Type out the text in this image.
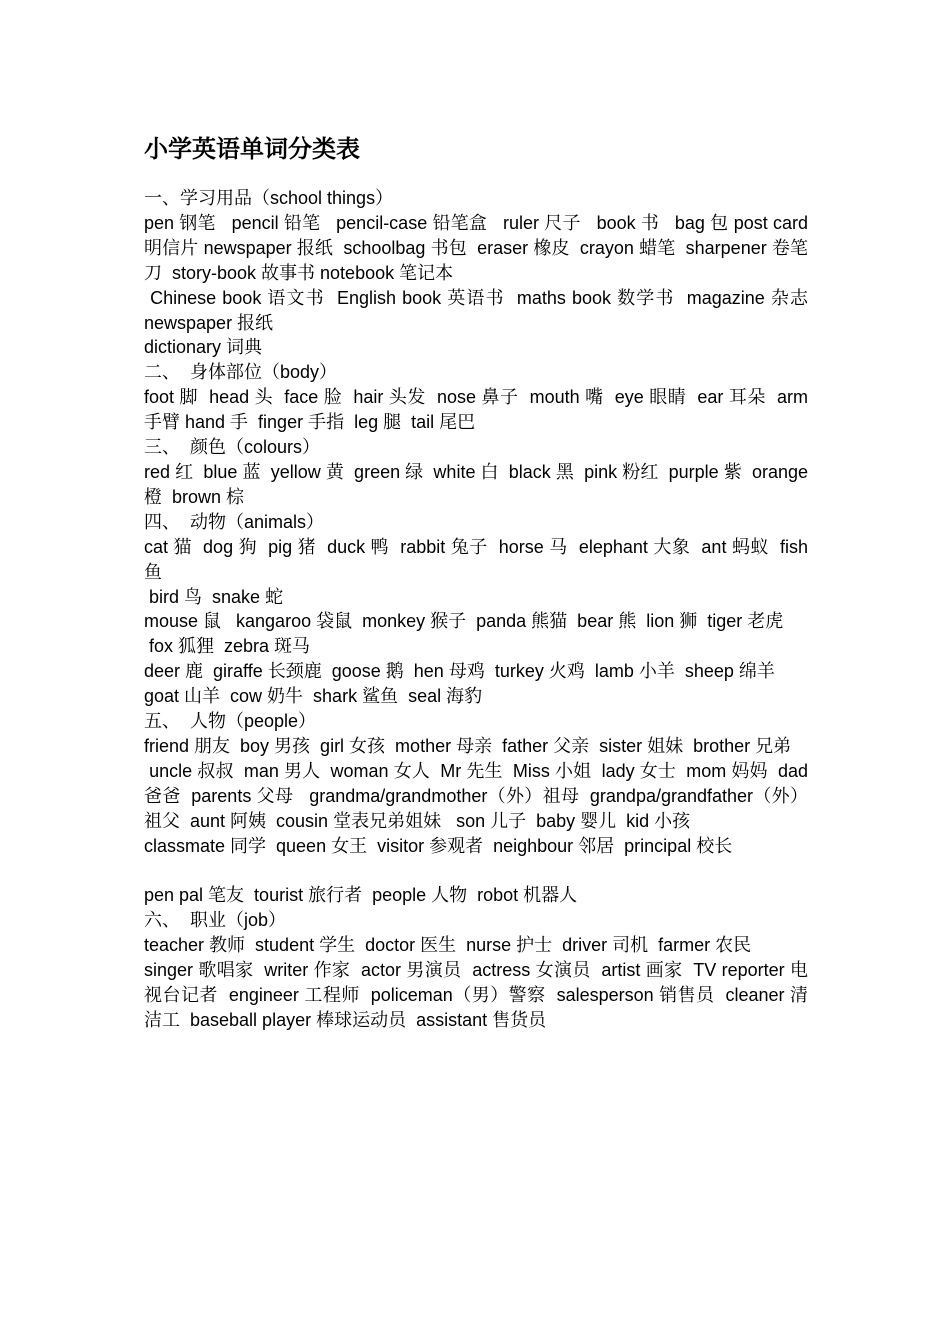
小学英语单词分类表
一、学习用品（school things）
pen 钢笔   pencil 铅笔   pencil-case 铅笔盒   ruler 尺子   book 书   bag 包 post card 明信片 newspaper 报纸  schoolbag 书包  eraser 橡皮  crayon 蜡笔  sharpener 卷笔刀  story-book 故事书 notebook 笔记本
Chinese book 语文书  English book 英语书  maths book 数学书  magazine 杂志  newspaper 报纸
dictionary 词典
二、  身体部位（body）
foot 脚  head 头  face 脸  hair 头发  nose 鼻子  mouth 嘴  eye 眼睛  ear 耳朵  arm 手臂 hand 手  finger 手指  leg 腿  tail 尾巴
三、  颜色（colours）
red 红  blue 蓝  yellow 黄  green 绿  white 白  black 黑  pink 粉红  purple 紫  orange 橙  brown 棕
四、  动物（animals）
cat 猫  dog 狗  pig 猪  duck 鸭  rabbit 兔子  horse 马  elephant 大象  ant 蚂蚁  fish 鱼
bird 鸟  snake 蛇
mouse 鼠   kangaroo 袋鼠  monkey 猴子  panda 熊猫  bear 熊  lion 狮  tiger 老虎
fox 狐狸  zebra 斑马
deer 鹿  giraffe 长颈鹿  goose 鹅  hen 母鸡  turkey 火鸡  lamb 小羊  sheep 绵羊
goat 山羊  cow 奶牛  shark 鲨鱼  seal 海豹
五、  人物（people）
friend 朋友  boy 男孩  girl 女孩  mother 母亲  father 父亲  sister 姐妹  brother 兄弟
uncle 叔叔  man 男人  woman 女人  Mr 先生  Miss 小姐  lady 女士  mom 妈妈  dad 爸爸  parents 父母   grandma/grandmother（外）祖母  grandpa/grandfather（外）祖父  aunt 阿姨  cousin 堂表兄弟姐妹   son 儿子  baby 婴儿  kid 小孩
classmate 同学  queen 女王  visitor 参观者  neighbour 邻居  principal 校长
pen pal 笔友  tourist 旅行者  people 人物  robot 机器人
六、  职业（job）
teacher 教师  student 学生  doctor 医生  nurse 护士  driver 司机  farmer 农民
singer 歌唱家  writer 作家  actor 男演员  actress 女演员  artist 画家  TV reporter 电视台记者  engineer 工程师  policeman（男）警察  salesperson 销售员  cleaner 清洁工  baseball player 棒球运动员  assistant 售货员
